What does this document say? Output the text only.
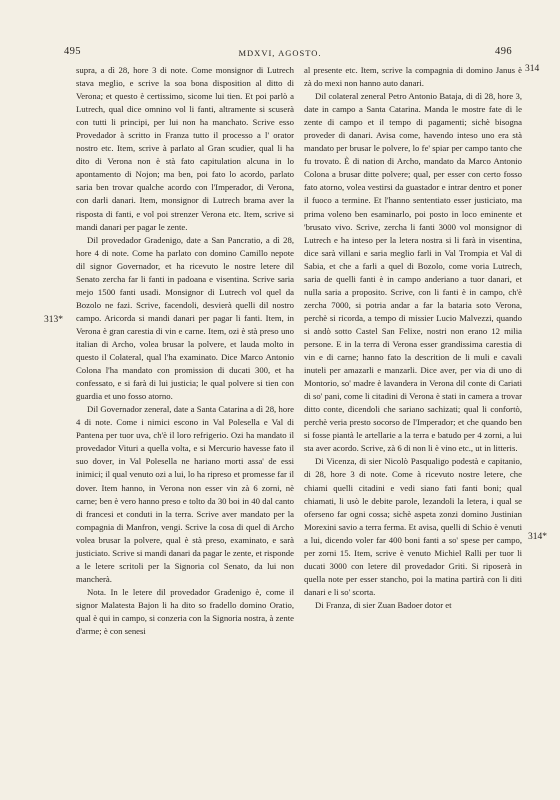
495	MDXVI, AGOSTO.	496
313*
314
314*

supra, a dì 28, hore 3 di note. Come monsignor di Lutrech stava meglio, e scrive la soa bona disposition al ditto di Verona; et questo è certissimo, sicome lui tien. Et poi parlò a Lutrech, qual dice omnino vol li fanti, altramente si scuserà con tutti li principi, per lui non ha manchato. Scrive esso Provedador à scritto in Franza tutto il processo a l' orator nostro etc. Item, scrive à parlato al Gran scudier, qual li ha dito di Verona non è stà fato capitulation alcuna in lo apontamento di Nojon; ma ben, poi fato lo acordo, parlato saria ben trovar qualche acordo con l'Imperador, di Verona, con darli danari. Item, monsignor di Lutrech brama aver la risposta di fanti, e vol poi strenzer Verona etc. Item, scrive si mandi danari per pagar le zente.

Dil provedador Gradenigo, date a San Pancratio, a dì 28, hore 4 di note. Come ha parlato con domino Camillo nepote dil signor Governador, et ha ricevuto le nostre letere dil Senato zercha far li fanti in padoana e visentina. Scrive saria mejo 1500 fanti usadi. Monsignor di Lutrech vol quel da Bozolo ne fazi. Scrive, facendoli, desvierà quelli dil nostro campo. Aricorda si mandi danari per pagar li fanti. Item, in Verona è gran carestia di vin e carne. Item, ozi è stà preso uno italian di Archo, volea brusar la polvere, et lauda molto in questo il Colateral, qual l'ha examinato. Dice Marco Antonio Colona l'ha mandato con promission di ducati 300, et ha confessato, e si farà di lui justicia; le qual polvere si tien con guardia et uno fosso atorno.

Dil Governador zeneral, date a Santa Catarina a dì 28, hore 4 di note. Come i nimici escono in Val Polesella e Val di Pantena per tuor uva, ch'è il loro refrigerio. Ozi ha mandato il provedador Vituri a quella volta, e si Mercurio havesse fato il suo dover, in Val Polesella ne hariano morti assa' de essi inimici; il qual venuto ozi a lui, lo ha ripreso et promesse far il dover. Item hanno, in Verona non esser vin zà 6 zorni, nè carne; ben è vero hanno preso e tolto da 30 boi in 40 dal canto di francesi et conduti in la terra. Scrive aver mandato per la compagnia di Manfron, vengi. Scrive la cosa di quel di Archo volea brusar la polvere, qual è stà preso, examinato, e sarà justiciato. Scrive si mandi danari da pagar le zente, et risponde a le letere scritoli per la Signoria col Senato, da lui non mancherà.

Nota. In le letere dil provedador Gradenigo è, come il signor Malatesta Bajon li ha dito so fradello domino Oratio, qual è qui in campo, si conzeria con la Signoria nostra, à zente d'arme; è con senesi

al presente etc. Item, scrive la compagnia di domino Janus è zà do mexi non hanno auto danari.

Dil colateral zeneral Petro Antonio Bataja, di dì 28, hore 3, date in campo a Santa Catarina. Manda le mostre fate di le zente di campo et il tempo di pagamenti; sichè bisogna proveder di danari. Avisa come, havendo inteso uno era stà mandato per brusar le polvere, lo fe' spiar per campo tanto che fu trovato. È di nation di Archo, mandato da Marco Antonio Colona a brusar ditte polvere; qual, per esser con certo fosso fato atorno, volea vestirsi da guastador e intrar dentro et poner il fuoco a termine. Et l'hanno sententiato esser justiciato, ma prima voleno ben esaminarlo, poi posto in loco eminente et 'brusato vivo. Scrive, zercha li fanti 3000 vol monsignor di Lutrech e ha inteso per la letera nostra si li farà in visentina, dice sarà villani e saria meglio farli in Val Trompia et Val di Sabia, et che a farli a quel di Bozolo, come voria Lutrech, saria de quelli fanti è in campo anderiano a tuor danari, et nulla saria a proposito. Scrive, con li fanti è in campo, ch'è zercha 7000, si potria andar a far la bataria soto Verona, perchè si ricorda, a tempo di missier Lucio Malvezzi, quando si andò sotto Castel San Felixe, nostri non erano 12 milia persone. E in la terra di Verona esser grandissima carestia di vin e di carne; hanno fato la descrition de li muli e cavali inuteli per amazarli e manzarli. Dice aver, per via di uno di Montorio, so' madre è lavandera in Verona dil conte di Cariati di so' pani, come li citadini di Verona è stati in camera a trovar ditto conte, dicendoli che sariano sachizati; qual li confortò, perchè veria presto socorso de l'Imperador; et che quando ben si fosse piantà le artellarie a la terra e batudo per 4 zorni, a lui sta aver acordo. Scrive, zà 6 di non li è vino etc., ut in litteris.

Di Vicenza, di sier Nicolò Pasqualigo podestà e capitanio, di 28, hore 3 di note. Come à ricevuto nostre letere, che chiami quelli citadini e vedi siano fati fanti boni; qual chiamati, li usò le debite parole, lezandoli la letera, i qual se oferseno far ogni cossa; sichè aspeta zonzi domino Justinian Morexini savio a terra ferma. Et avisa, quelli di Schio è venuti a lui, dicendo voler far 400 boni fanti a so' spese per campo, per zorni 15. Item, scrive è venuto Michiel Ralli per tuor li ducati 3000 con letere dil provedador Griti. Si riposerà in quella note per esser stancho, poi la matina partirà con li diti danari e li so' scorta.

Di Franza, di sier Zuan Badoer dotor et
